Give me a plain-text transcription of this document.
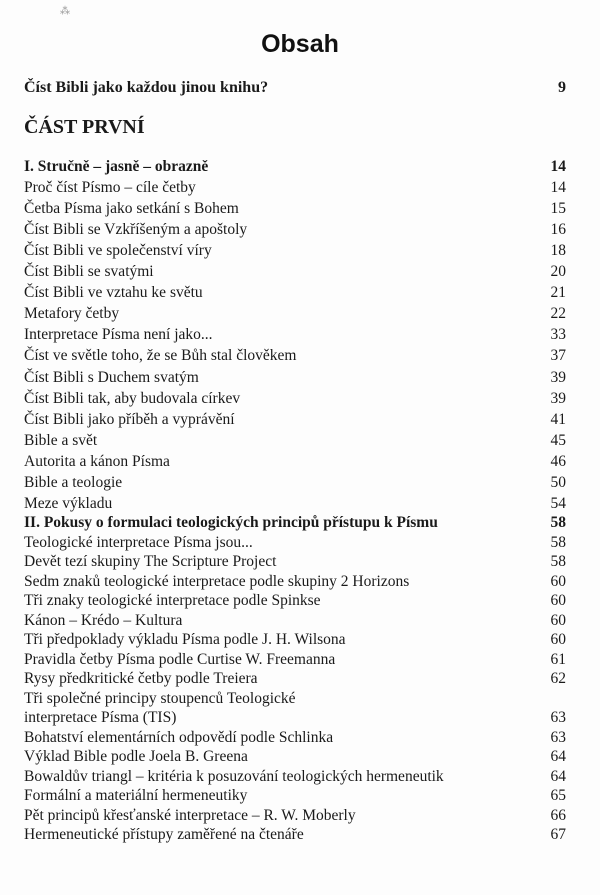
⁂
Obsah
Číst Bibli jako každou jinou knihu?	9
ČÁST PRVNÍ
I. Stručně – jasně – obrazně	14
Proč číst Písmo – cíle četby	14
Četba Písma jako setkání s Bohem	15
Číst Bibli se Vzkříšeným a apoštoly	16
Číst Bibli ve společenství víry	18
Číst Bibli se svatými	20
Číst Bibli ve vztahu ke světu	21
Metafory četby	22
Interpretace Písma není jako...	33
Číst ve světle toho, že se Bůh stal člověkem	37
Číst Bibli s Duchem svatým	39
Číst Bibli tak, aby budovala církev	39
Číst Bibli jako příběh a vyprávění	41
Bible a svět	45
Autorita a kánon Písma	46
Bible a teologie	50
Meze výkladu	54
II. Pokusy o formulaci teologických principů přístupu k Písmu	58
Teologické interpretace Písma jsou...	58
Devět tezí skupiny The Scripture Project	58
Sedm znaků teologické interpretace podle skupiny 2 Horizons	60
Tři znaky teologické interpretace podle Spinkse	60
Kánon – Krédo – Kultura	60
Tři předpoklady výkladu Písma podle J. H. Wilsona	60
Pravidla četby Písma podle Curtise W. Freemanna	61
Rysy předkritické četby podle Treiera	62
Tři společné principy stoupenců Teologické
interpretace Písma (TIS)	63
Bohatství elementárních odpovědí podle Schlinka	63
Výklad Bible podle Joela B. Greena	64
Bowaldův triangl – kritéria k posuzování teologických hermeneutik	64
Formální a materiální hermeneutiky	65
Pět principů křesťanské interpretace – R. W. Moberly	66
Hermeneutické přístupy zaměřené na čtenáře	67
